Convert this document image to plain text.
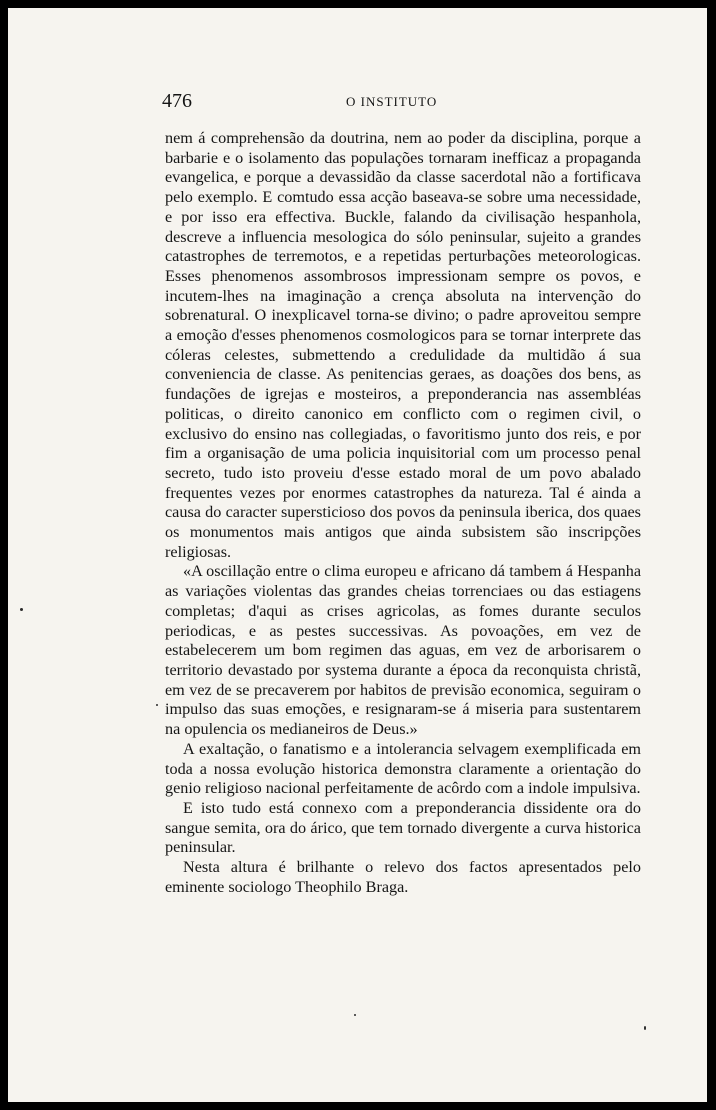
476	O INSTITUTO

nem á comprehensão da doutrina, nem ao poder da disciplina, porque a barbarie e o isolamento das populações tornaram inefficaz a propaganda evangelica, e porque a devassidão da classe sacerdotal não a fortificava pelo exemplo. E comtudo essa acção baseava-se sobre uma necessidade, e por isso era effectiva. Buckle, falando da civilisação hespanhola, descreve a influencia mesologica do sólo peninsular, sujeito a grandes catastrophes de terremotos, e a repetidas perturbações meteorologicas. Esses phenomenos assombrosos impressionam sempre os povos, e incutem-lhes na imaginação a crença absoluta na intervenção do sobrenatural. O inexplicavel torna-se divino; o padre aproveitou sempre a emoção d'esses phenomenos cosmologicos para se tornar interprete das cóleras celestes, submettendo a credulidade da multidão á sua conveniencia de classe. As penitencias geraes, as doações dos bens, as fundações de igrejas e mosteiros, a preponderancia nas assembléas politicas, o direito canonico em conflicto com o regimen civil, o exclusivo do ensino nas collegiadas, o favoritismo junto dos reis, e por fim a organisação de uma policia inquisitorial com um processo penal secreto, tudo isto proveiu d'esse estado moral de um povo abalado frequentes vezes por enormes catastrophes da natureza. Tal é ainda a causa do caracter supersticioso dos povos da peninsula iberica, dos quaes os monumentos mais antigos que ainda subsistem são inscripções religiosas.

«A oscillação entre o clima europeu e africano dá tambem á Hespanha as variações violentas das grandes cheias torrenciaes ou das estiagens completas; d'aqui as crises agricolas, as fomes durante seculos periodicas, e as pestes successivas. As povoações, em vez de estabelecerem um bom regimen das aguas, em vez de arborisarem o territorio devastado por systema durante a época da reconquista christã, em vez de se precaverem por habitos de previsão economica, seguiram o impulso das suas emoções, e resignaram-se á miseria para sustentarem na opulencia os medianeiros de Deus.»

A exaltação, o fanatismo e a intolerancia selvagem exemplificada em toda a nossa evolução historica demonstra claramente a orientação do genio religioso nacional perfeitamente de acôrdo com a indole impulsiva.

E isto tudo está connexo com a preponderancia dissidente ora do sangue semita, ora do árico, que tem tornado divergente a curva historica peninsular.

Nesta altura é brilhante o relevo dos factos apresentados pelo eminente sociologo Theophilo Braga.
